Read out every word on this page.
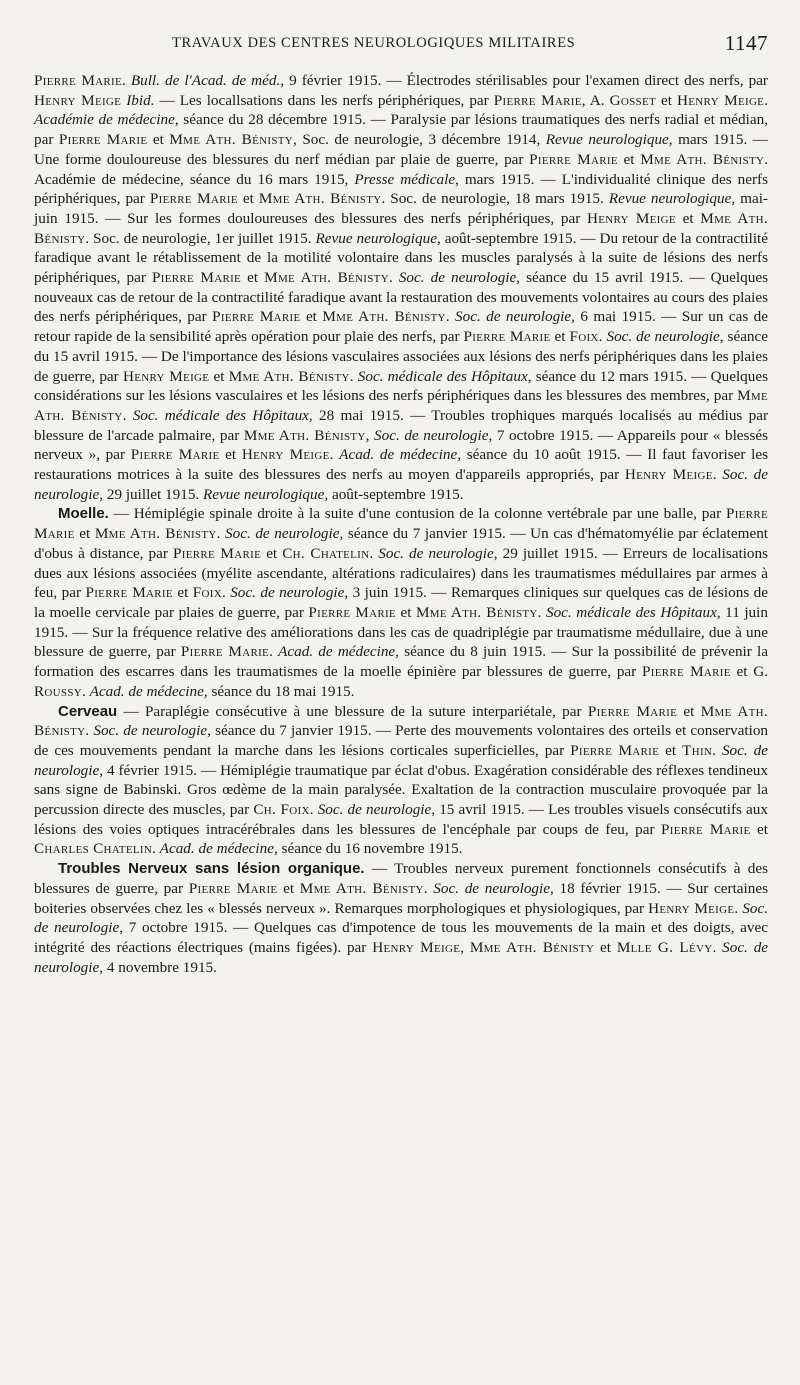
TRAVAUX DES CENTRES NEUROLOGIQUES MILITAIRES	1147

Pierre Marie. Bull. de l'Acad. de méd., 9 février 1915. — Électrodes stérilisables pour l'examen direct des nerfs, par Henry Meige Ibid. — Les locallsations dans les nerfs périphériques, par Pierre Marie, A. Gosset et Henry Meige. Académie de médecine, séance du 28 décembre 1915. — Paralysie par lésions traumatiques des nerfs radial et médian, par Pierre Marie et Mme Ath. Bénisty, Soc. de neurologie, 3 décembre 1914, Revue neurologique, mars 1915. — Une forme douloureuse des blessures du nerf médian par plaie de guerre, par Pierre Marie et Mme Ath. Bénisty. Académie de médecine, séance du 16 mars 1915, Presse médicale, mars 1915. — L'individualité clinique des nerfs périphériques, par Pierre Marie et Mme Ath. Bénisty. Soc. de neurologie, 18 mars 1915. Revue neurologique, mai-juin 1915. — Sur les formes douloureuses des blessures des nerfs périphériques, par Henry Meige et Mme Ath. Bénisty. Soc. de neurologie, 1er juillet 1915. Revue neurologique, août-septembre 1915. — Du retour de la contractilité faradique avant le rétablissement de la motilité volontaire dans les muscles paralysés à la suite de lésions des nerfs périphériques, par Pierre Marie et Mme Ath. Bénisty. Soc. de neurologie, séance du 15 avril 1915. — Quelques nouveaux cas de retour de la contractilité faradique avant la restauration des mouvements volontaires au cours des plaies des nerfs périphériques, par Pierre Marie et Mme Ath. Bénisty. Soc. de neurologie, 6 mai 1915. — Sur un cas de retour rapide de la sensibilité après opération pour plaie des nerfs, par Pierre Marie et Foix. Soc. de neurologie, séance du 15 avril 1915. — De l'importance des lésions vasculaires associées aux lésions des nerfs périphériques dans les plaies de guerre, par Henry Meige et Mme Ath. Bénisty. Soc. médicale des Hôpitaux, séance du 12 mars 1915. — Quelques considérations sur les lésions vasculaires et les lésions des nerfs périphériques dans les blessures des membres, par Mme Ath. Bénisty. Soc. médicale des Hôpitaux, 28 mai 1915. — Troubles trophiques marqués localisés au médius par blessure de l'arcade palmaire, par Mme Ath. Bénisty, Soc. de neurologie, 7 octobre 1915. — Appareils pour « blessés nerveux », par Pierre Marie et Henry Meige. Acad. de médecine, séance du 10 août 1915. — Il faut favoriser les restaurations motrices à la suite des blessures des nerfs au moyen d'appareils appropriés, par Henry Meige. Soc. de neurologie, 29 juillet 1915. Revue neurologique, août-septembre 1915.

Moelle. — Hémiplégie spinale droite à la suite d'une contusion de la colonne vertébrale par une balle, par Pierre Marie et Mme Ath. Bénisty. Soc. de neurologie, séance du 7 janvier 1915. — Un cas d'hématomyélie par éclatement d'obus à distance, par Pierre Marie et Ch. Chatelin. Soc. de neurologie, 29 juillet 1915. — Erreurs de localisations dues aux lésions associées (myélite ascendante, altérations radiculaires) dans les traumatismes médullaires par armes à feu, par Pierre Marie et Foix. Soc. de neurologie, 3 juin 1915. — Remarques cliniques sur quelques cas de lésions de la moelle cervicale par plaies de guerre, par Pierre Marie et Mme Ath. Bénisty. Soc. médicale des Hôpitaux, 11 juin 1915. — Sur la fréquence relative des améliorations dans les cas de quadriplégie par traumatisme médullaire, due à une blessure de guerre, par Pierre Marie. Acad. de médecine, séance du 8 juin 1915. — Sur la possibilité de prévenir la formation des escarres dans les traumatismes de la moelle épinière par blessures de guerre, par Pierre Marie et G. Roussy. Acad. de médecine, séance du 18 mai 1915.

Cerveau — Paraplégie consécutive à une blessure de la suture interpariétale, par Pierre Marie et Mme Ath. Bénisty. Soc. de neurologie, séance du 7 janvier 1915. — Perte des mouvements volontaires des orteils et conservation de ces mouvements pendant la marche dans les lésions corticales superficielles, par Pierre Marie et Thin. Soc. de neurologie, 4 février 1915. — Hémiplégie traumatique par éclat d'obus. Exagération considérable des réflexes tendineux sans signe de Babinski. Gros œdème de la main paralysée. Exaltation de la contraction musculaire provoquée par la percussion directe des muscles, par Ch. Foix. Soc. de neurologie, 15 avril 1915. — Les troubles visuels consécutifs aux lésions des voies optiques intracérébrales dans les blessures de l'encéphale par coups de feu, par Pierre Marie et Charles Chatelin. Acad. de médecine, séance du 16 novembre 1915.

Troubles Nerveux sans lésion organique. — Troubles nerveux purement fonctionnels consécutifs à des blessures de guerre, par Pierre Marie et Mme Ath. Bénisty. Soc. de neurologie, 18 février 1915. — Sur certaines boiteries observées chez les « blessés nerveux ». Remarques morphologiques et physiologiques, par Henry Meige. Soc. de neurologie, 7 octobre 1915. — Quelques cas d'impotence de tous les mouvements de la main et des doigts, avec intégrité des réactions électriques (mains figées). par Henry Meige, Mme Ath. Bénisty et Mlle G. Lévy. Soc. de neurologie, 4 novembre 1915.
